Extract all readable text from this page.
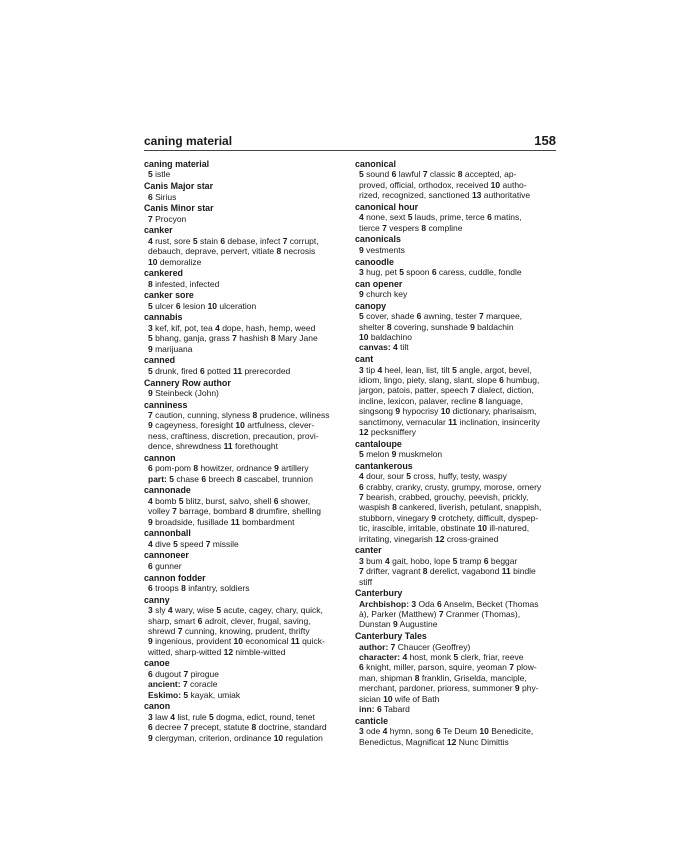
caning material	158
caning material
5 istle
Canis Major star
6 Sirius
Canis Minor star
7 Procyon
canker
4 rust, sore 5 stain 6 debase, infect 7 corrupt,
debauch, deprave, pervert, vitiate 8 necrosis
10 demoralize
cankered
8 infested, infected
canker sore
5 ulcer 6 lesion 10 ulceration
cannabis
3 kef, kif, pot, tea 4 dope, hash, hemp, weed
5 bhang, ganja, grass 7 hashish 8 Mary Jane
9 marijuana
canned
5 drunk, fired 6 potted 11 prerecorded
Cannery Row author
9 Steinbeck (John)
canniness
7 caution, cunning, slyness 8 prudence, wiliness
9 cageyness, foresight 10 artfulness, clever-
ness, craftiness, discretion, precaution, provi-
dence, shrewdness 11 forethought
cannon
6 pom-pom 8 howitzer, ordnance 9 artillery
part: 5 chase 6 breech 8 cascabel, trunnion
cannonade
4 bomb 5 blitz, burst, salvo, shell 6 shower,
volley 7 barrage, bombard 8 drumfire, shelling
9 broadside, fusillade 11 bombardment
cannonball
4 dive 5 speed 7 missile
cannoneer
6 gunner
cannon fodder
6 troops 8 infantry, soldiers
canny
3 sly 4 wary, wise 5 acute, cagey, chary, quick,
sharp, smart 6 adroit, clever, frugal, saving,
shrewd 7 cunning, knowing, prudent, thrifty
9 ingenious, provident 10 economical 11 quick-
witted, sharp-witted 12 nimble-witted
canoe
6 dugout 7 pirogue
ancient: 7 coracle
Eskimo: 5 kayak, umiak
canon
3 law 4 list, rule 5 dogma, edict, round, tenet
6 decree 7 precept, statute 8 doctrine, standard
9 clergyman, criterion, ordinance 10 regulation
canonical
5 sound 6 lawful 7 classic 8 accepted, ap-
proved, official, orthodox, received 10 autho-
rized, recognized, sanctioned 13 authoritative
canonical hour
4 none, sext 5 lauds, prime, terce 6 matins,
tierce 7 vespers 8 compline
canonicals
9 vestments
canoodle
3 hug, pet 5 spoon 6 caress, cuddle, fondle
can opener
9 church key
canopy
5 cover, shade 6 awning, tester 7 marquee,
shelter 8 covering, sunshade 9 baldachin
10 baldachino
canvas: 4 tilt
cant
3 tip 4 heel, lean, list, tilt 5 angle, argot, bevel,
idiom, lingo, piety, slang, slant, slope 6 humbug,
jargon, patois, patter, speech 7 dialect, diction,
incline, lexicon, palaver, recline 8 language,
singsong 9 hypocrisy 10 dictionary, pharisaism,
sanctimony, vernacular 11 inclination, insincerity
12 pecksniffery
cantaloupe
5 melon 9 muskmelon
cantankerous
4 dour, sour 5 cross, huffy, testy, waspy
6 crabby, cranky, crusty, grumpy, morose, ornery
7 bearish, crabbed, grouchy, peevish, prickly,
waspish 8 cankered, liverish, petulant, snappish,
stubborn, vinegary 9 crotchety, difficult, dyspep-
tic, irascible, irritable, obstinate 10 ill-natured,
irritating, vinegarish 12 cross-grained
canter
3 bum 4 gait, hobo, lope 5 tramp 6 beggar
7 drifter, vagrant 8 derelict, vagabond 11 bindle
stiff
Canterbury
Archbishop: 3 Oda 6 Anselm, Becket (Thomas
à), Parker (Matthew) 7 Cranmer (Thomas),
Dunstan 9 Augustine
Canterbury Tales
author: 7 Chaucer (Geoffrey)
character: 4 host, monk 5 clerk, friar, reeve
6 knight, miller, parson, squire, yeoman 7 plow-
man, shipman 8 franklin, Griselda, manciple,
merchant, pardoner, prioress, summoner 9 phy-
sician 10 wife of Bath
inn: 6 Tabard
canticle
3 ode 4 hymn, song 6 Te Deum 10 Benedicite,
Benedictus, Magnificat 12 Nunc Dimittis
